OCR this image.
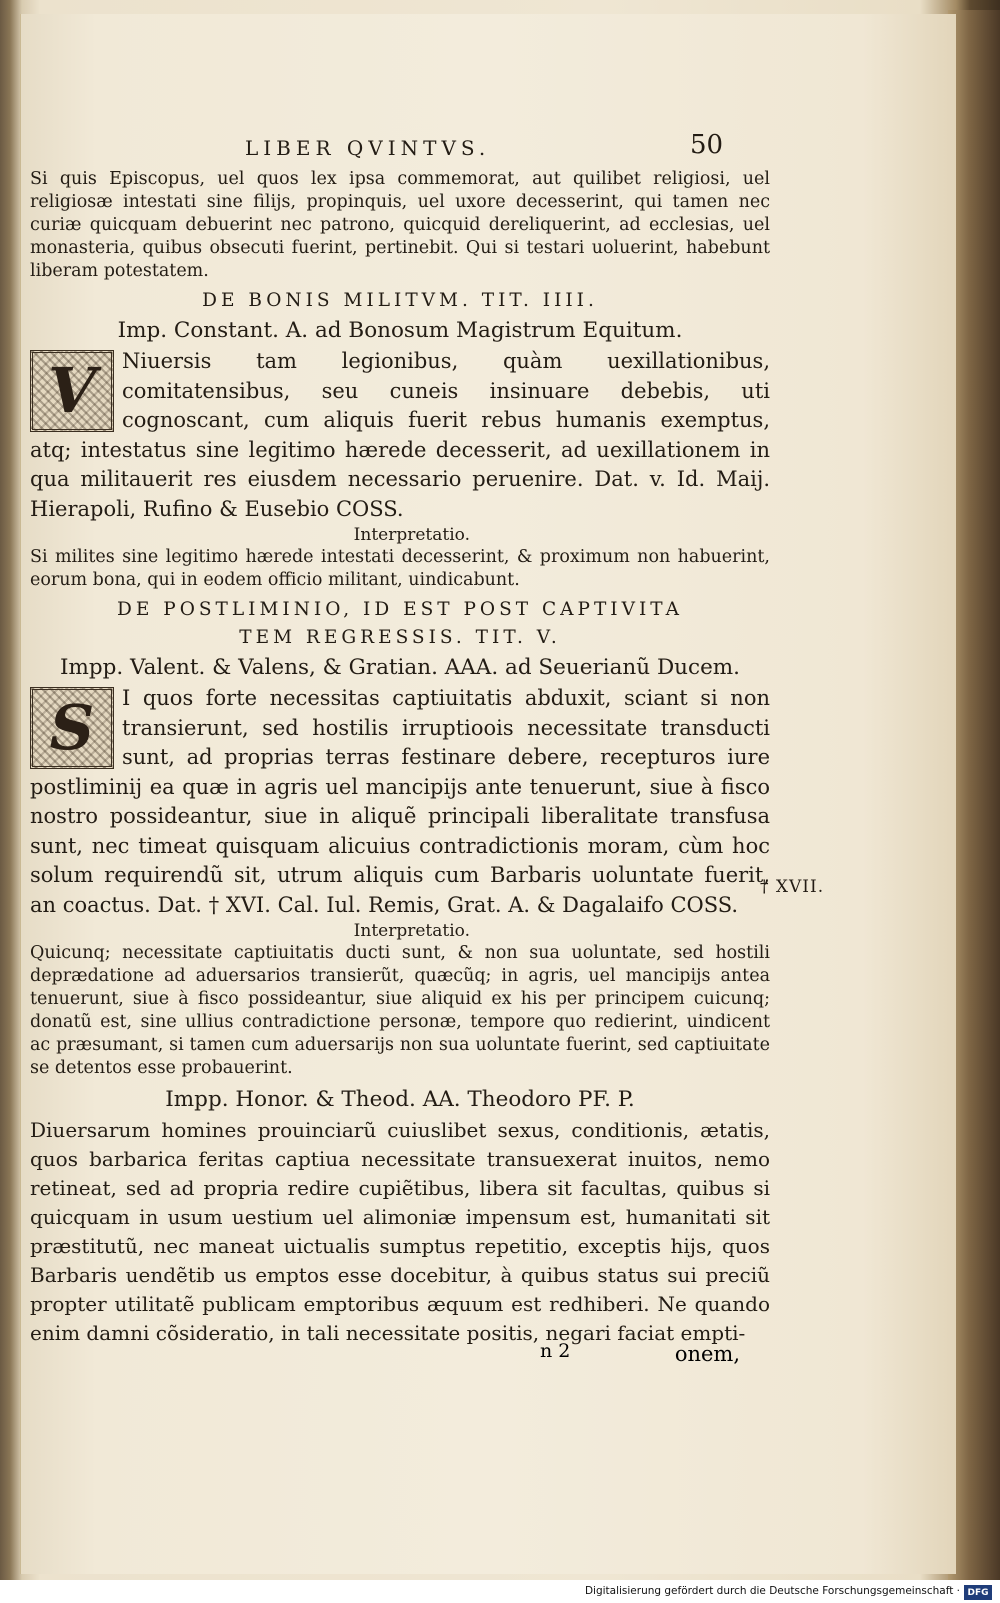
LIBER QVINTVS.	50

Si quis Episcopus, uel quos lex ipsa commemorat, aut quilibet religiosi, uel religiosæ intestati sine filijs, propinquis, uel uxore decesserint, qui tamen nec curiæ quicquam debuerint nec patrono, quicquid dereliquerint, ad ecclesias, uel monasteria, quibus obsecuti fuerint, pertinebit. Qui si testari uoluerint, habebunt liberam potestatem.

DE BONIS MILITVM. TIT. IIII.
Imp. Constant. A. ad Bonosum Magistrum Equitum.
V	Niuersis tam legionibus, quàm uexillationibus, comitatensibus, seu cuneis insinuare debebis, uti cognoscant, cum aliquis fuerit rebus humanis exemptus, atq; intestatus sine legitimo hærede decesserit, ad uexillationem in qua militauerit res eiusdem necessario peruenire. Dat. v. Id. Maij. Hierapoli, Rufino & Eusebio COSS.

Interpretatio.

Si milites sine legitimo hærede intestati decesserint, & proximum non habuerint, eorum bona, qui in eodem officio militant, uindicabunt.

DE POSTLIMINIO, ID EST POST CAPTIVITA
TEM REGRESSIS. TIT. V.
Impp. Valent. & Valens, & Gratian. AAA. ad Seuerianũ Ducem.
S	I quos forte necessitas captiuitatis abduxit, sciant si non transierunt, sed hostilis irruptioois necessitate transducti sunt, ad proprias terras festinare debere, recepturos iure postliminij ea quæ in agris uel mancipijs ante tenuerunt, siue à fisco nostro possideantur, siue in aliquẽ principali liberalitate transfusa sunt, nec timeat quisquam alicuius contradictionis moram, cùm hoc solum requirendũ sit, utrum aliquis cum Barbaris uoluntate fuerit, an coactus. Dat. † XVI. Cal. Iul. Remis, Grat. A. & Dagalaifo COSS.

Interpretatio.

Quicunq; necessitate captiuitatis ducti sunt, & non sua uoluntate, sed hostili deprædatione ad aduersarios transierũt, quæcũq; in agris, uel mancipijs antea tenuerunt, siue à fisco possideantur, siue aliquid ex his per principem cuicunq; donatũ est, sine ullius contradictione personæ, tempore quo redierint, uindicent ac præsumant, si tamen cum aduersarijs non sua uoluntate fuerint, sed captiuitate se detentos esse probauerint.

Impp. Honor. & Theod. AA. Theodoro PF. P.

Diuersarum homines prouinciarũ cuiuslibet sexus, conditionis, ætatis, quos barbarica feritas captiua necessitate transuexerat inuitos, nemo retineat, sed ad propria redire cupiẽtibus, libera sit facultas, quibus si quicquam in usum uestium uel alimoniæ impensum est, humanitati sit præstitutũ, nec maneat uictualis sumptus repetitio, exceptis hijs, quos Barbaris uendẽtib us emptos esse docebitur, à quibus status sui preciũ propter utilitatẽ publicam emptoribus æquum est redhiberi. Ne quando enim damni cõsideratio, in tali necessitate positis, negari faciat empti-

† XVII.
n 2	onem,
Digitalisierung gefördert durch die Deutsche Forschungsgemeinschaft · DFG
